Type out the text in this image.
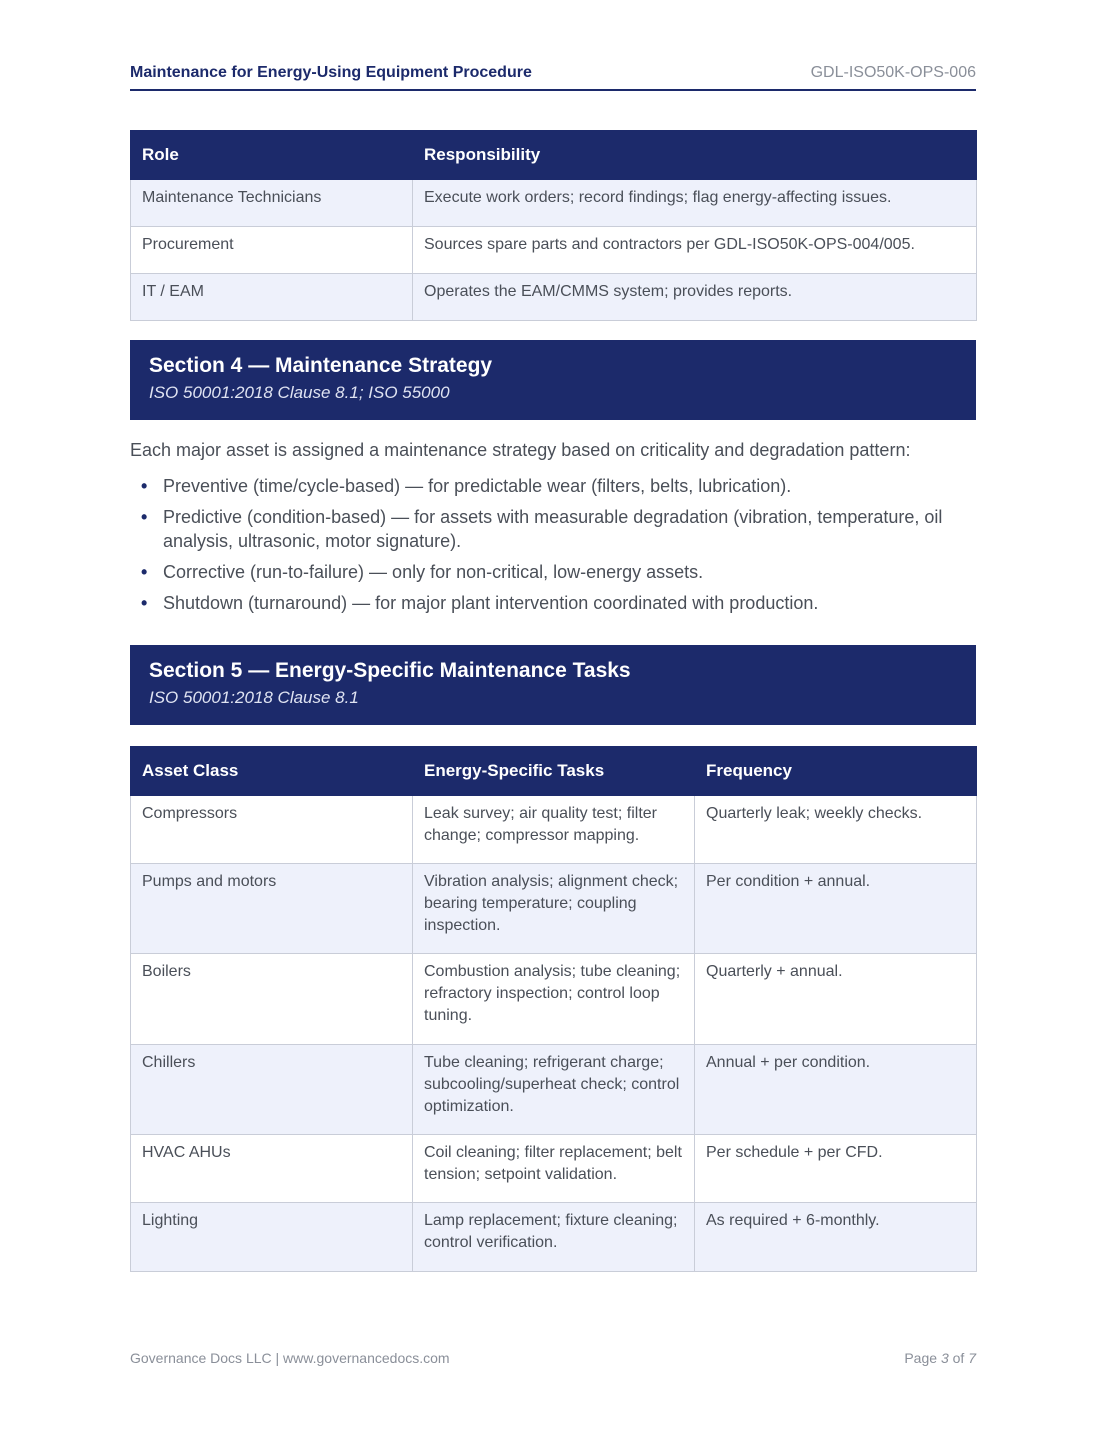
Maintenance for Energy-Using Equipment Procedure	GDL-ISO50K-OPS-006
Role	Responsibility
Maintenance Technicians	Execute work orders; record findings; flag energy-affecting issues.
Procurement	Sources spare parts and contractors per GDL-ISO50K-OPS-004/005.
IT / EAM	Operates the EAM/CMMS system; provides reports.
Section 4 — Maintenance Strategy
ISO 50001:2018 Clause 8.1; ISO 55000
Each major asset is assigned a maintenance strategy based on criticality and degradation pattern:
• Preventive (time/cycle-based) — for predictable wear (filters, belts, lubrication).
• Predictive (condition-based) — for assets with measurable degradation (vibration, temperature, oil analysis, ultrasonic, motor signature).
• Corrective (run-to-failure) — only for non-critical, low-energy assets.
• Shutdown (turnaround) — for major plant intervention coordinated with production.
Section 5 — Energy-Specific Maintenance Tasks
ISO 50001:2018 Clause 8.1
Asset Class	Energy-Specific Tasks	Frequency
Compressors	Leak survey; air quality test; filter change; compressor mapping.	Quarterly leak; weekly checks.
Pumps and motors	Vibration analysis; alignment check; bearing temperature; coupling inspection.	Per condition + annual.
Boilers	Combustion analysis; tube cleaning; refractory inspection; control loop tuning.	Quarterly + annual.
Chillers	Tube cleaning; refrigerant charge; subcooling/superheat check; control optimization.	Annual + per condition.
HVAC AHUs	Coil cleaning; filter replacement; belt tension; setpoint validation.	Per schedule + per CFD.
Lighting	Lamp replacement; fixture cleaning; control verification.	As required + 6-monthly.
Governance Docs LLC | www.governancedocs.com	Page 3 of 7
